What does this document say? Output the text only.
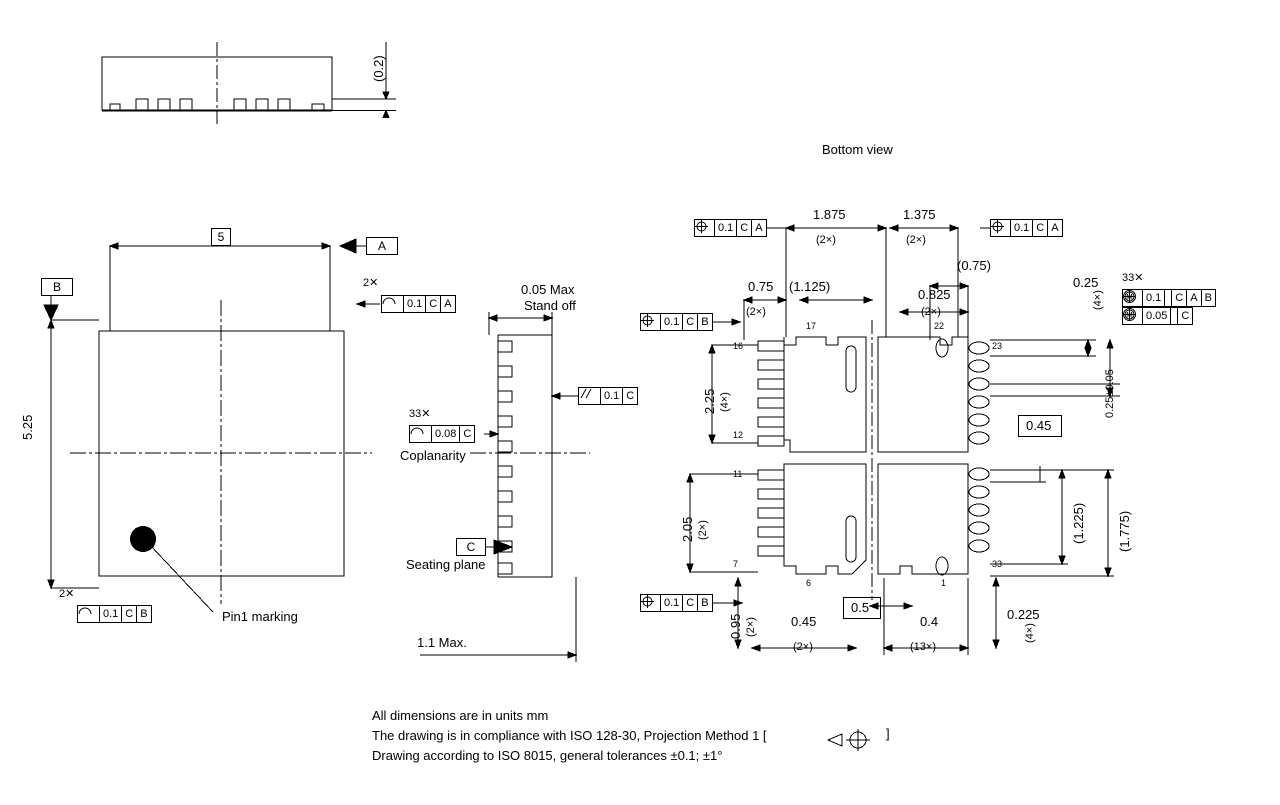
(0.2)
Bottom view
5
A
B
5.25
2✕
0.1 C A
2✕
0.1 C B	Pin1 marking
0.05 Max
Stand off
0.1 C
33✕
0.08 C
Coplanarity
C
Seating plane
1.1 Max.
0.1 C A	0.1 C A
0.1 C B
0.1 C B
33✕
0.1
M	C A B
0.05
M	C
1.875
(2×)
1.375
(2×)
0.75
(2×)
(1.125)
(0.75)
0.825
(2×)
0.25
(4×)
0.25±0.05
2.25 (4×)
2.05 (2×)
0.95 (2×)
0.45
(1.225) (1.775)
0.45
(2×)
0.4
(13×)
0.225
(4×)
0.5
17	22
16	23
12
11
7
6	1
33
All dimensions are in units mm
The drawing is in compliance with ISO 128-30, Projection Method 1 [
Drawing according to ISO 8015, general tolerances ±0.1; ±1°
]
